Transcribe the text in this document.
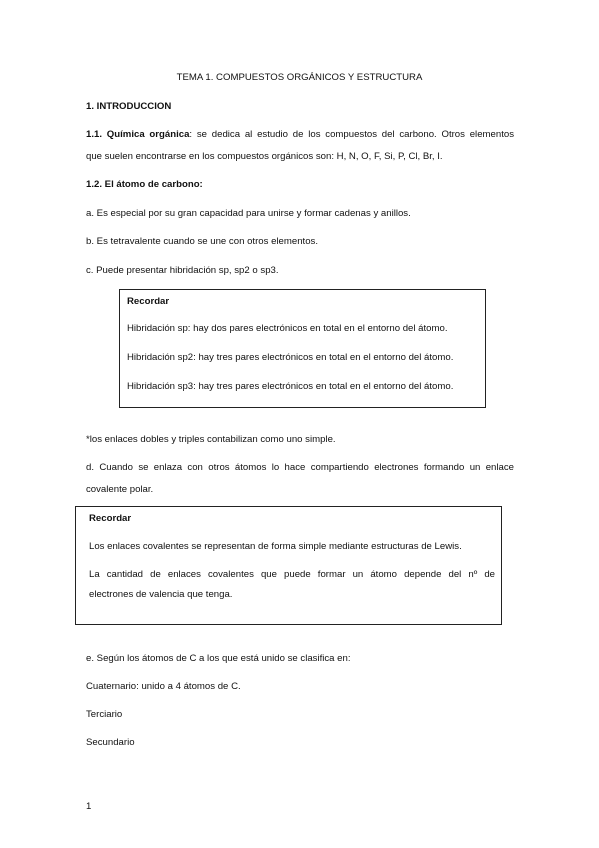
TEMA 1. COMPUESTOS ORGÁNICOS Y ESTRUCTURA
1. INTRODUCCION
1.1. Química orgánica: se dedica al estudio de los compuestos del carbono. Otros elementos
que suelen encontrarse en los compuestos orgánicos son: H, N, O, F, Si, P, Cl, Br, I.
1.2. El átomo de carbono:
a. Es especial por su gran capacidad para unirse y formar cadenas y anillos.
b. Es tetravalente cuando se une con otros elementos.
c. Puede presentar hibridación sp, sp2 o sp3.
Recordar
Hibridación sp: hay dos pares electrónicos en total en el entorno del átomo.
Hibridación sp2: hay tres pares electrónicos en total en el entorno del átomo.
Hibridación sp3: hay tres pares electrónicos en total en el entorno del átomo.
*los enlaces dobles y triples contabilizan como uno simple.
d. Cuando se enlaza con otros átomos lo hace compartiendo electrones formando un enlace
covalente polar.
Recordar
Los enlaces covalentes se representan de forma simple mediante estructuras de Lewis.
La cantidad de enlaces covalentes que puede formar un átomo depende del nº de
electrones de valencia que tenga.
e. Según los átomos de C a los que está unido se clasifica en:
Cuaternario: unido a 4 átomos de C.
Terciario
Secundario
1
